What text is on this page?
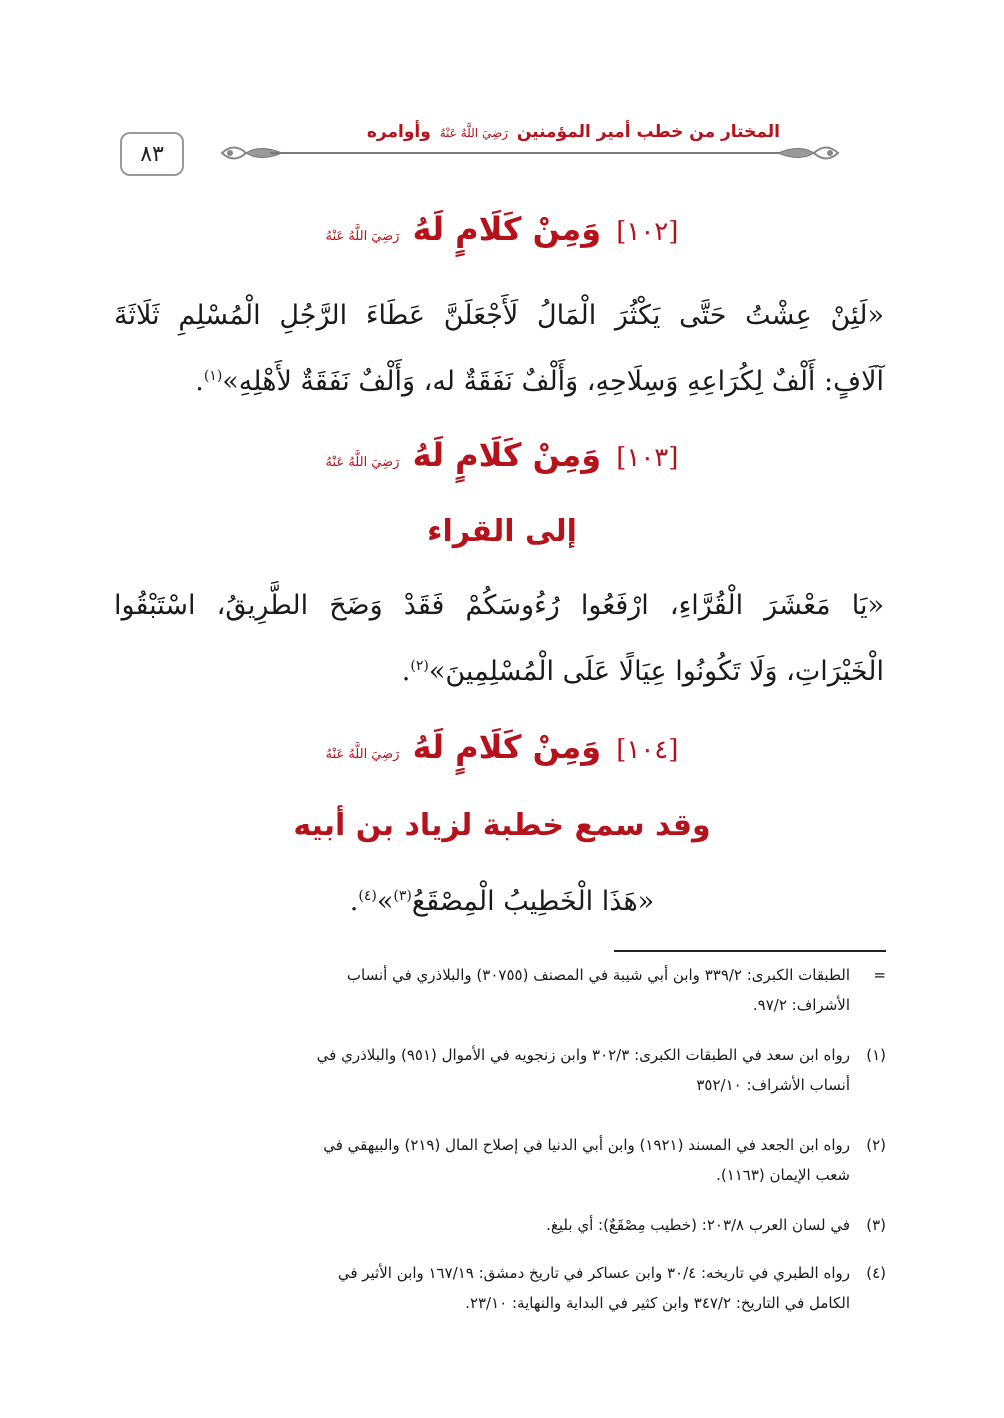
٨٣
المختار من خطب أمير المؤمنين رَضِيَ اللَّهُ عَنْهُ وأوامره
[١٠٢] وَمِنْ كَلَامٍ لَهُ رَضِيَ اللَّهُ عَنْهُ
«لَئِنْ عِشْتُ حَتَّى يَكْثُرَ الْمَالُ لَأَجْعَلَنَّ عَطَاءَ الرَّجُلِ الْمُسْلِمِ ثَلَاثَةَ
آلَافٍ: أَلْفٌ لِكُرَاعِهِ وَسِلَاحِهِ، وَأَلْفٌ نَفَقَةٌ له، وَأَلْفٌ نَفَقَةٌ لأَهْلِهِ»$^{(١)}$.
[١٠٣] وَمِنْ كَلَامٍ لَهُ رَضِيَ اللَّهُ عَنْهُ
إلى القراء
«يَا مَعْشَرَ الْقُرَّاءِ، ارْفَعُوا رُءُوسَكُمْ فَقَدْ وَضَحَ الطَّرِيقُ، اسْتَبْقُوا
الْخَيْرَاتِ، وَلَا تَكُونُوا عِيَالًا عَلَى الْمُسْلِمِينَ»$^{(٢)}$.
[١٠٤] وَمِنْ كَلَامٍ لَهُ رَضِيَ اللَّهُ عَنْهُ
وقد سمع خطبة لزياد بن أبيه
«هَذَا الْخَطِيبُ الْمِصْقَعُ$^{(٣)}$»$^{(٤)}$.
=
الطبقات الكبرى: ٣٣٩/٢ وابن أبي شيبة في المصنف (٣٠٧٥٥) والبلاذري في أنساب
الأشراف: ٩٧/٢.
(١)
رواه ابن سعد في الطبقات الكبرى: ٣٠٢/٣ وابن زنجويه في الأموال (٩٥١) والبلاذري في
أنساب الأشراف: ٣٥٢/١٠
(٢)
رواه ابن الجعد في المسند (١٩٢١) وابن أبي الدنيا في إصلاح المال (٢١٩) والبيهقي في
شعب الإيمان (١١٦٣).
(٣)
في لسان العرب ٢٠٣/٨: (خطيب مِصْقَعٌ): أي بليغ.
(٤)
رواه الطبري في تاريخه: ٣٠/٤ وابن عساكر في تاريخ دمشق: ١٦٧/١٩ وابن الأثير في
الكامل في التاريخ: ٣٤٧/٢ وابن كثير في البداية والنهاية: ٢٣/١٠.
